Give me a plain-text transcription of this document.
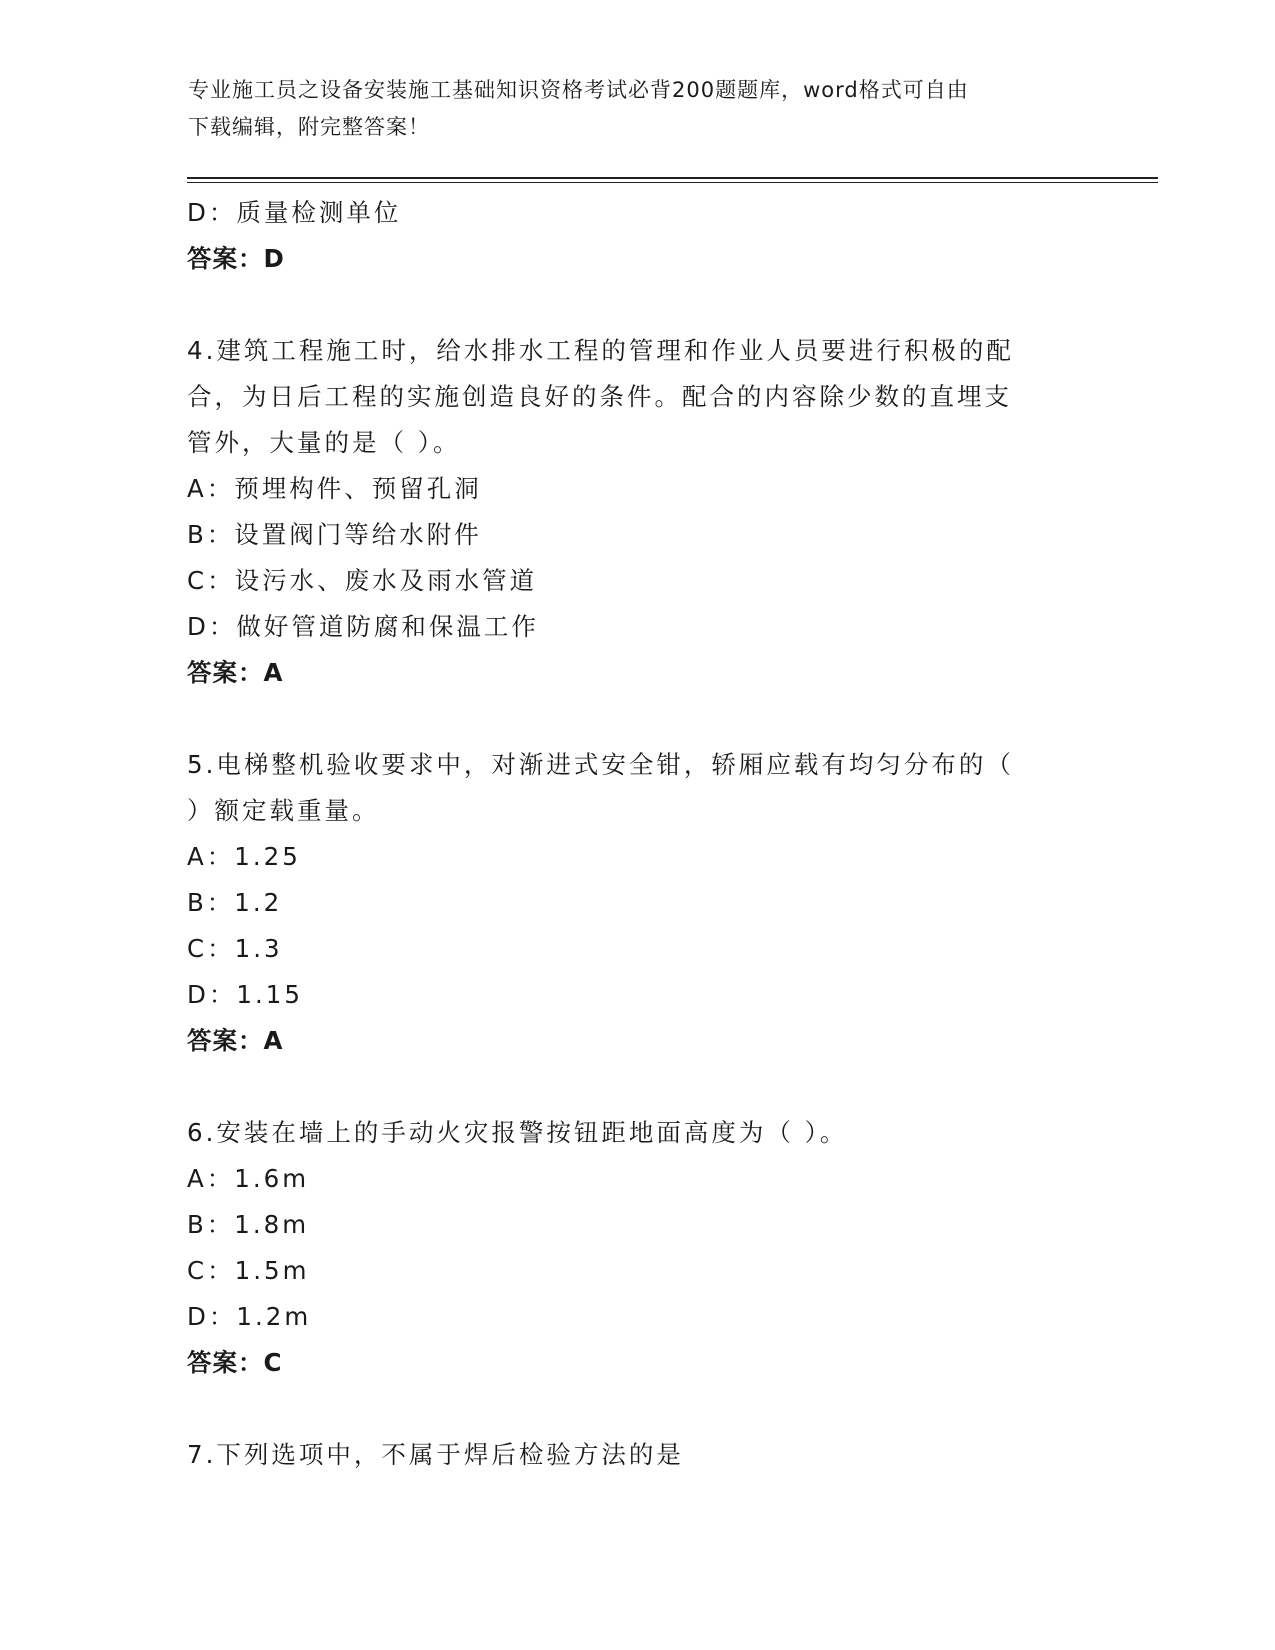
专业施工员之设备安装施工基础知识资格考试必背200题题库，word格式可自由
下载编辑，附完整答案！
D：质量检测单位
答案：D
4.建筑工程施工时，给水排水工程的管理和作业人员要进行积极的配
合，为日后工程的实施创造良好的条件。配合的内容除少数的直埋支
管外，大量的是（ ）。
A：预埋构件、预留孔洞
B：设置阀门等给水附件
C：设污水、废水及雨水管道
D：做好管道防腐和保温工作
答案：A
5.电梯整机验收要求中，对渐进式安全钳，轿厢应载有均匀分布的（
）额定载重量。
A：1.25
B：1.2
C：1.3
D：1.15
答案：A
6.安装在墙上的手动火灾报警按钮距地面高度为（ ）。
A：1.6m
B：1.8m
C：1.5m
D：1.2m
答案：C
7.下列选项中，不属于焊后检验方法的是
